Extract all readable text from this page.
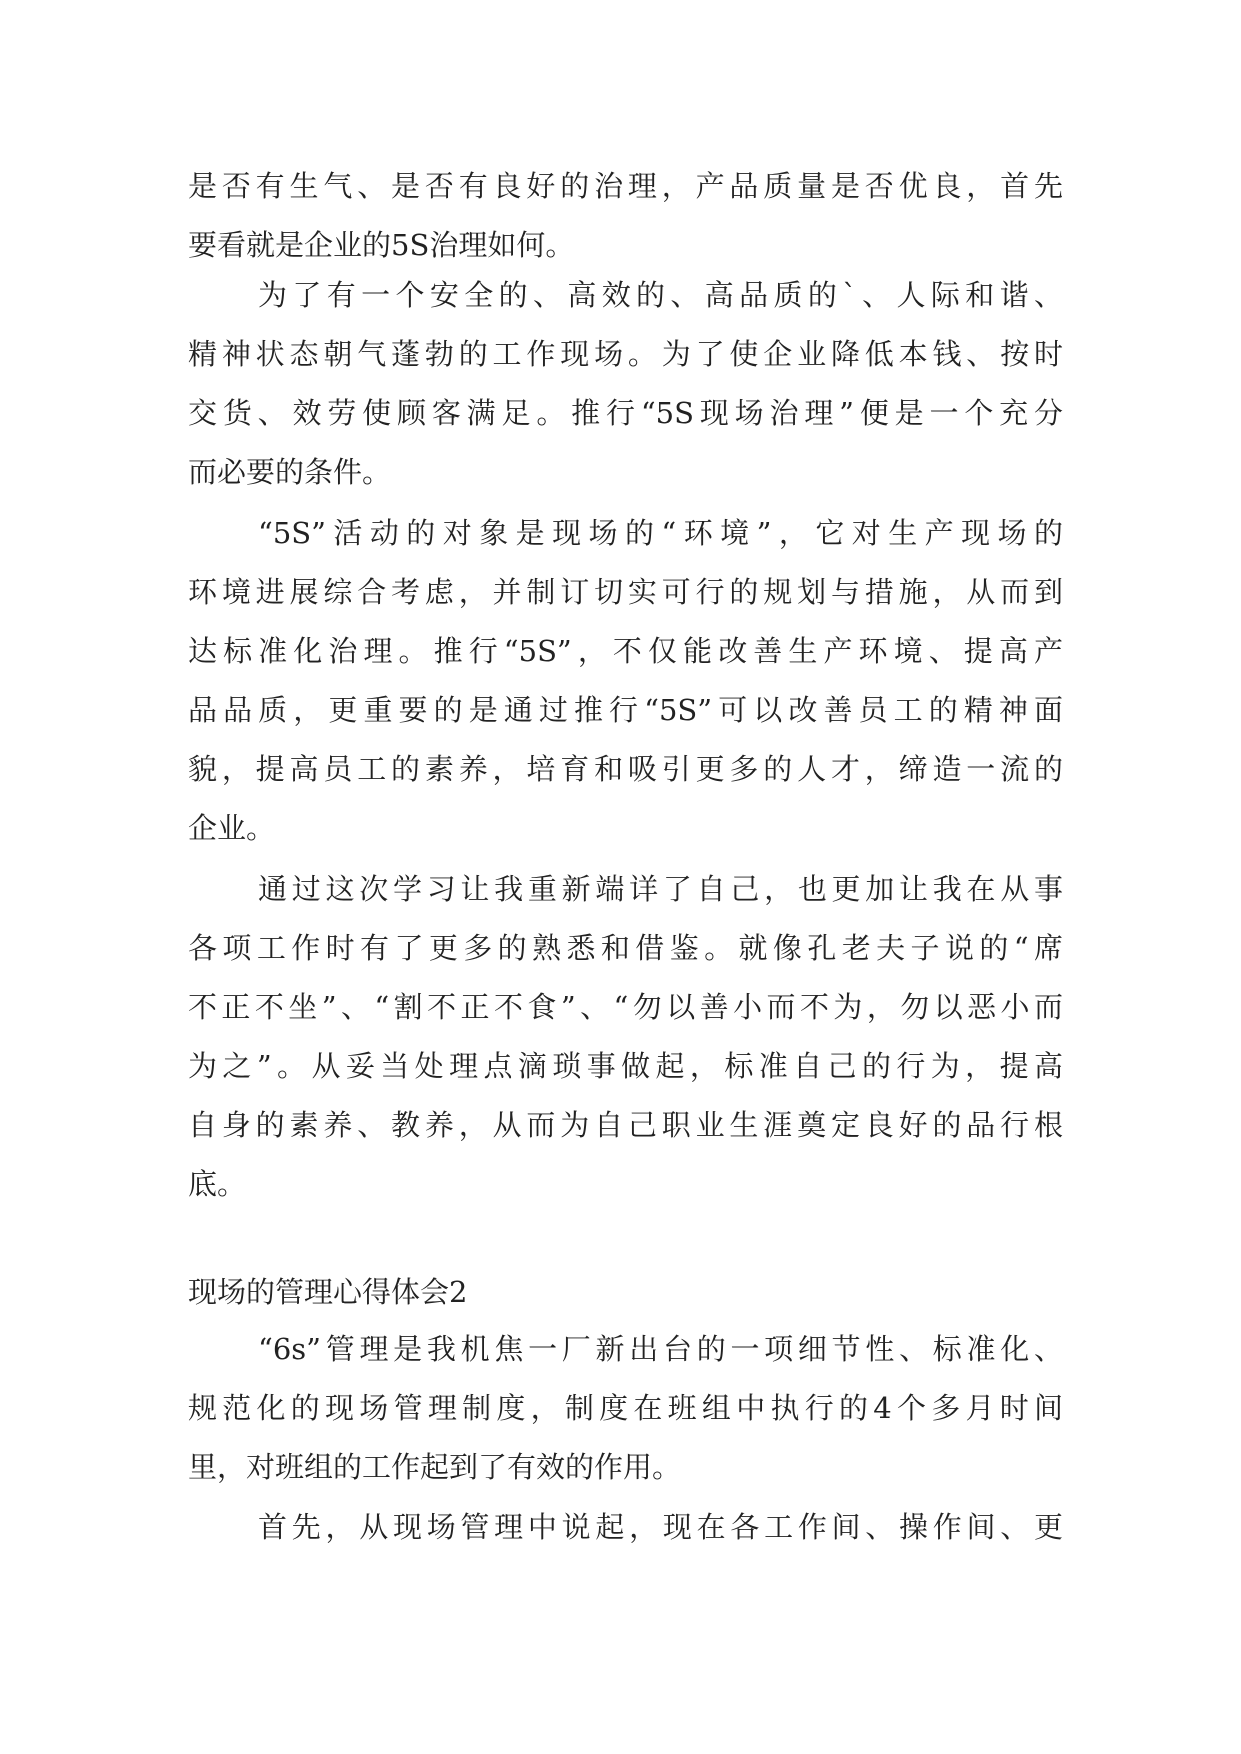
是否有生气、是否有良好的治理，产品质量是否优良，首先
要看就是企业的5S治理如何。
为了有一个安全的、高效的、高品质的`、人际和谐、
精神状态朝气蓬勃的工作现场。为了使企业降低本钱、按时
交货、效劳使顾客满足。推行“5S现场治理”便是一个充分
而必要的条件。
“5S”活动的对象是现场的“环境”，它对生产现场的
环境进展综合考虑，并制订切实可行的规划与措施，从而到
达标准化治理。推行“5S”，不仅能改善生产环境、提高产
品品质，更重要的是通过推行“5S”可以改善员工的精神面
貌，提高员工的素养，培育和吸引更多的人才，缔造一流的
企业。
通过这次学习让我重新端详了自己，也更加让我在从事
各项工作时有了更多的熟悉和借鉴。就像孔老夫子说的“席
不正不坐”、“割不正不食”、“勿以善小而不为，勿以恶小而
为之”。从妥当处理点滴琐事做起，标准自己的行为，提高
自身的素养、教养，从而为自己职业生涯奠定良好的品行根
底。
现场的管理心得体会2
“6s”管理是我机焦一厂新出台的一项细节性、标准化、
规范化的现场管理制度，制度在班组中执行的4个多月时间
里，对班组的工作起到了有效的作用。
首先，从现场管理中说起，现在各工作间、操作间、更
